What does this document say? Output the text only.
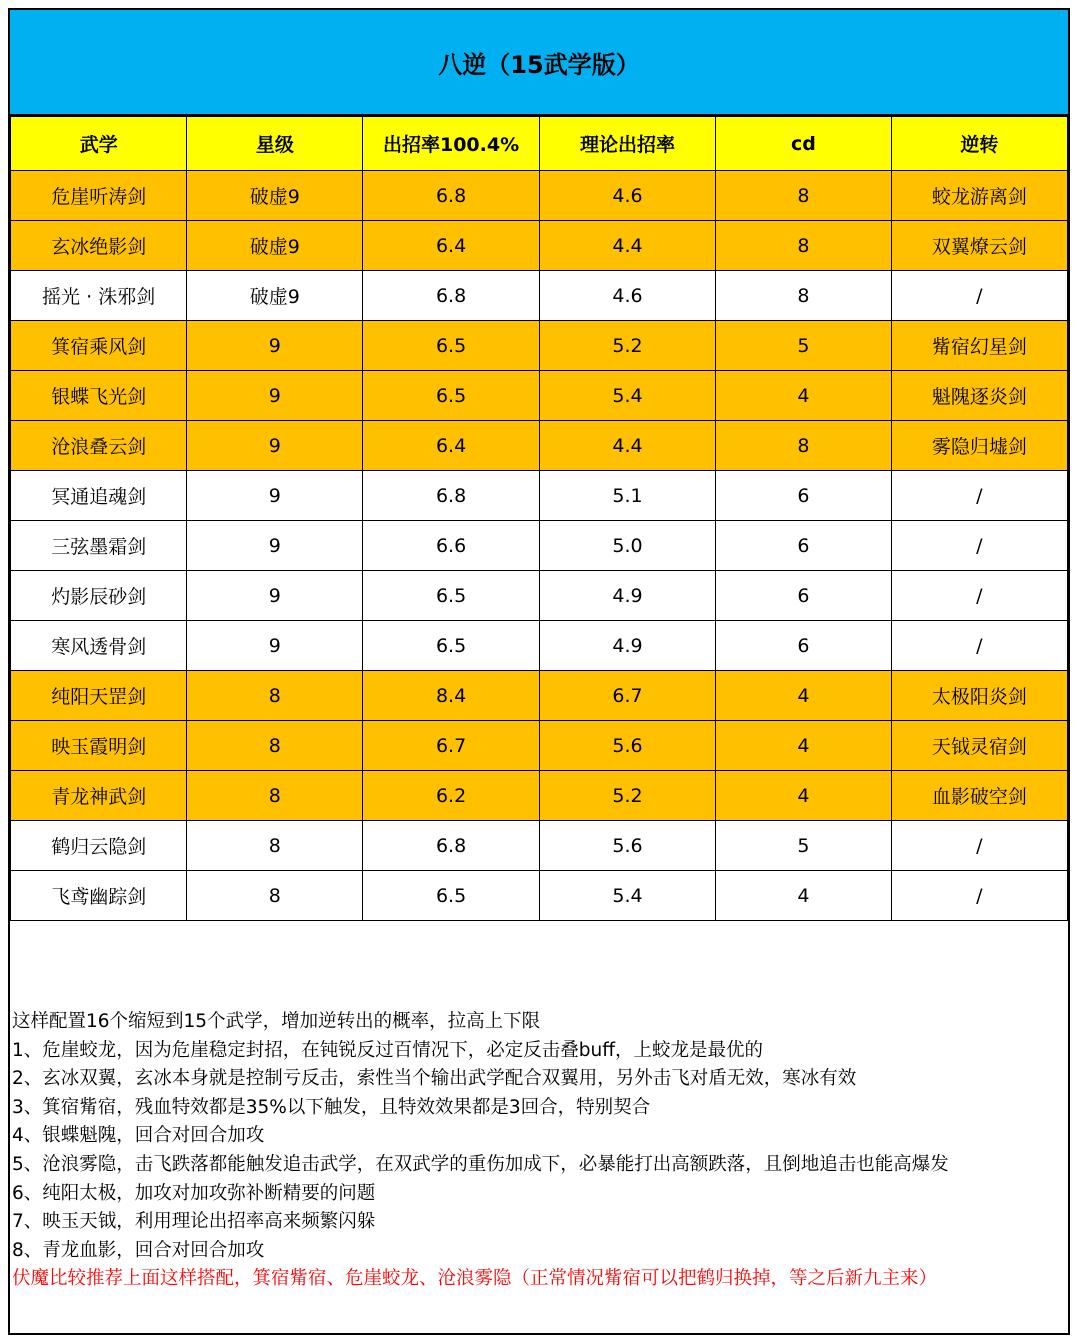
八逆（15武学版）
武学	星级	出招率100.4%	理论出招率	cd	逆转
危崖听涛剑	破虚9	6.8	4.6	8	蛟龙游离剑
玄冰绝影剑	破虚9	6.4	4.4	8	双翼燎云剑
摇光 · 洙邪剑	破虚9	6.8	4.6	8	/
箕宿乘风剑	9	6.5	5.2	5	觜宿幻星剑
银蝶飞光剑	9	6.5	5.4	4	魁隗逐炎剑
沧浪叠云剑	9	6.4	4.4	8	雾隐归墟剑
冥通追魂剑	9	6.8	5.1	6	/
三弦墨霜剑	9	6.6	5.0	6	/
灼影辰砂剑	9	6.5	4.9	6	/
寒风透骨剑	9	6.5	4.9	6	/
纯阳天罡剑	8	8.4	6.7	4	太极阳炎剑
映玉霞明剑	8	6.7	5.6	4	天钺灵宿剑
青龙神武剑	8	6.2	5.2	4	血影破空剑
鹤归云隐剑	8	6.8	5.6	5	/
飞鸢幽踪剑	8	6.5	5.4	4	/
这样配置16个缩短到15个武学，增加逆转出的概率，拉高上下限
1、危崖蛟龙，因为危崖稳定封招，在钝锐反过百情况下，必定反击叠buff，上蛟龙是最优的
2、玄冰双翼，玄冰本身就是控制亏反击，索性当个输出武学配合双翼用，另外击飞对盾无效，寒冰有效
3、箕宿觜宿，残血特效都是35%以下触发，且特效效果都是3回合，特别契合
4、银蝶魁隗，回合对回合加攻
5、沧浪雾隐，击飞跌落都能触发追击武学，在双武学的重伤加成下，必暴能打出高额跌落，且倒地追击也能高爆发
6、纯阳太极，加攻对加攻弥补断精要的问题
7、映玉天钺，利用理论出招率高来频繁闪躲
8、青龙血影，回合对回合加攻
伏魔比较推荐上面这样搭配，箕宿觜宿、危崖蛟龙、沧浪雾隐（正常情况觜宿可以把鹤归换掉，等之后新九主来）
